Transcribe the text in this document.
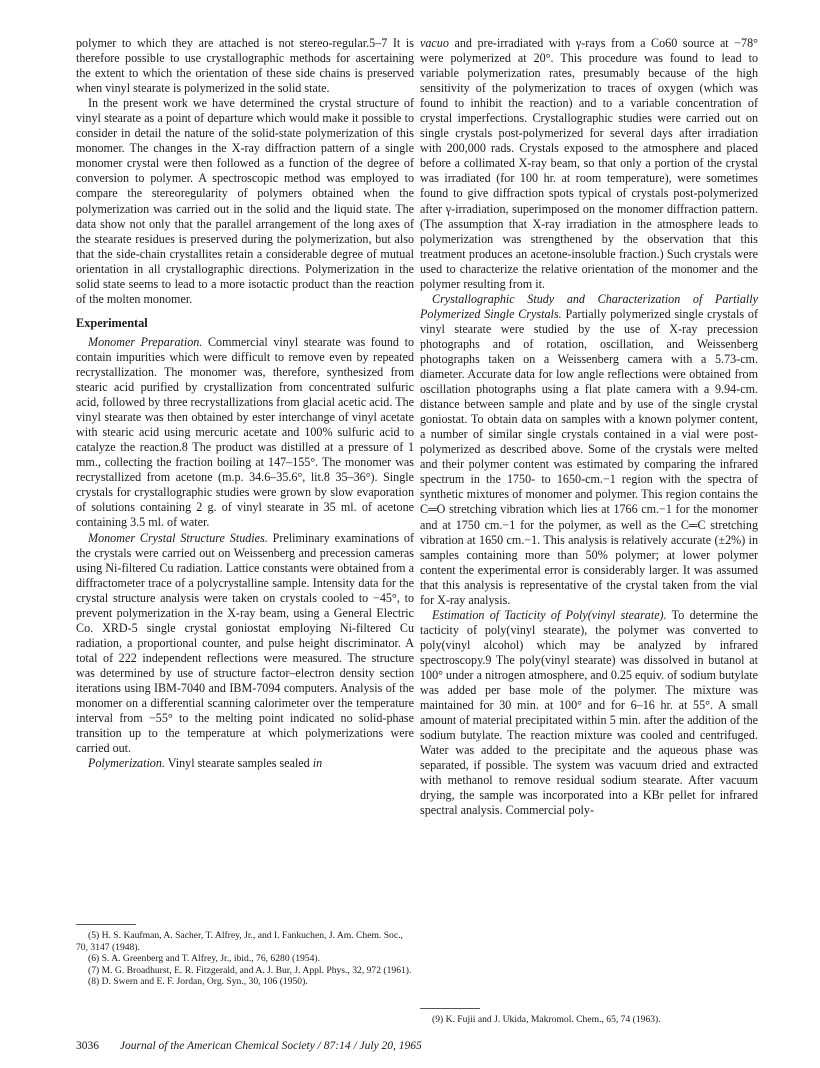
polymer to which they are attached is not stereo-regular.5–7 It is therefore possible to use crystallographic methods for ascertaining the extent to which the orientation of these side chains is preserved when vinyl stearate is polymerized in the solid state.

In the present work we have determined the crystal structure of vinyl stearate as a point of departure which would make it possible to consider in detail the nature of the solid-state polymerization of this monomer. The changes in the X-ray diffraction pattern of a single monomer crystal were then followed as a function of the degree of conversion to polymer. A spectroscopic method was employed to compare the stereoregularity of polymers obtained when the polymerization was carried out in the solid and the liquid state. The data show not only that the parallel arrangement of the long axes of the stearate residues is preserved during the polymerization, but also that the side-chain crystallites retain a considerable degree of mutual orientation in all crystallographic directions. Polymerization in the solid state seems to lead to a more isotactic product than the reaction of the molten monomer.

Experimental

Monomer Preparation. Commercial vinyl stearate was found to contain impurities which were difficult to remove even by repeated recrystallization. The monomer was, therefore, synthesized from stearic acid purified by crystallization from concentrated sulfuric acid, followed by three recrystallizations from glacial acetic acid. The vinyl stearate was then obtained by ester interchange of vinyl acetate with stearic acid using mercuric acetate and 100% sulfuric acid to catalyze the reaction.8 The product was distilled at a pressure of 1 mm., collecting the fraction boiling at 147–155°. The monomer was recrystallized from acetone (m.p. 34.6–35.6°, lit.8 35–36°). Single crystals for crystallographic studies were grown by slow evaporation of solutions containing 2 g. of vinyl stearate in 35 ml. of acetone containing 3.5 ml. of water.

Monomer Crystal Structure Studies. Preliminary examinations of the crystals were carried out on Weissenberg and precession cameras using Ni-filtered Cu radiation. Lattice constants were obtained from a diffractometer trace of a polycrystalline sample. Intensity data for the crystal structure analysis were taken on crystals cooled to −45°, to prevent polymerization in the X-ray beam, using a General Electric Co. XRD-5 single crystal goniostat employing Ni-filtered Cu radiation, a proportional counter, and pulse height discriminator. A total of 222 independent reflections were measured. The structure was determined by use of structure factor–electron density section iterations using IBM-7040 and IBM-7094 computers. Analysis of the monomer on a differential scanning calorimeter over the temperature interval from −55° to the melting point indicated no solid-phase transition up to the temperature at which polymerizations were carried out.

Polymerization. Vinyl stearate samples sealed in

vacuo and pre-irradiated with γ-rays from a Co60 source at −78° were polymerized at 20°. This procedure was found to lead to variable polymerization rates, presumably because of the high sensitivity of the polymerization to traces of oxygen (which was found to inhibit the reaction) and to a variable concentration of crystal imperfections. Crystallographic studies were carried out on single crystals post-polymerized for several days after irradiation with 200,000 rads. Crystals exposed to the atmosphere and placed before a collimated X-ray beam, so that only a portion of the crystal was irradiated (for 100 hr. at room temperature), were sometimes found to give diffraction spots typical of crystals post-polymerized after γ-irradiation, superimposed on the monomer diffraction pattern. (The assumption that X-ray irradiation in the atmosphere leads to polymerization was strengthened by the observation that this treatment produces an acetone-insoluble fraction.) Such crystals were used to characterize the relative orientation of the monomer and the polymer resulting from it.

Crystallographic Study and Characterization of Partially Polymerized Single Crystals. Partially polymerized single crystals of vinyl stearate were studied by the use of X-ray precession photographs and of rotation, oscillation, and Weissenberg photographs taken on a Weissenberg camera with a 5.73-cm. diameter. Accurate data for low angle reflections were obtained from oscillation photographs using a flat plate camera with a 9.94-cm. distance between sample and plate and by use of the single crystal goniostat. To obtain data on samples with a known polymer content, a number of similar single crystals contained in a vial were post-polymerized as described above. Some of the crystals were melted and their polymer content was estimated by comparing the infrared spectrum in the 1750- to 1650-cm.−1 region with the spectra of synthetic mixtures of monomer and polymer. This region contains the C═O stretching vibration which lies at 1766 cm.−1 for the monomer and at 1750 cm.−1 for the polymer, as well as the C═C stretching vibration at 1650 cm.−1. This analysis is relatively accurate (±2%) in samples containing more than 50% polymer; at lower polymer content the experimental error is considerably larger. It was assumed that this analysis is representative of the crystal taken from the vial for X-ray analysis.

Estimation of Tacticity of Poly(vinyl stearate). To determine the tacticity of poly(vinyl stearate), the polymer was converted to poly(vinyl alcohol) which may be analyzed by infrared spectroscopy.9 The poly(vinyl stearate) was dissolved in butanol at 100° under a nitrogen atmosphere, and 0.25 equiv. of sodium butylate was added per base mole of the polymer. The mixture was maintained for 30 min. at 100° and for 6–16 hr. at 55°. A small amount of material precipitated within 5 min. after the addition of the sodium butylate. The reaction mixture was cooled and centrifuged. Water was added to the precipitate and the aqueous phase was separated, if possible. The system was vacuum dried and extracted with methanol to remove residual sodium stearate. After vacuum drying, the sample was incorporated into a KBr pellet for infrared spectral analysis. Commercial poly-

(5) H. S. Kaufman, A. Sacher, T. Alfrey, Jr., and I. Fankuchen, J. Am. Chem. Soc., 70, 3147 (1948).

(6) S. A. Greenberg and T. Alfrey, Jr., ibid., 76, 6280 (1954).

(7) M. G. Broadhurst, E. R. Fitzgerald, and A. J. Bur, J. Appl. Phys., 32, 972 (1961).

(8) D. Swern and E. F. Jordan, Org. Syn., 30, 106 (1950).

(9) K. Fujii and J. Ukida, Makromol. Chem., 65, 74 (1963).

3036 Journal of the American Chemical Society / 87:14 / July 20, 1965
